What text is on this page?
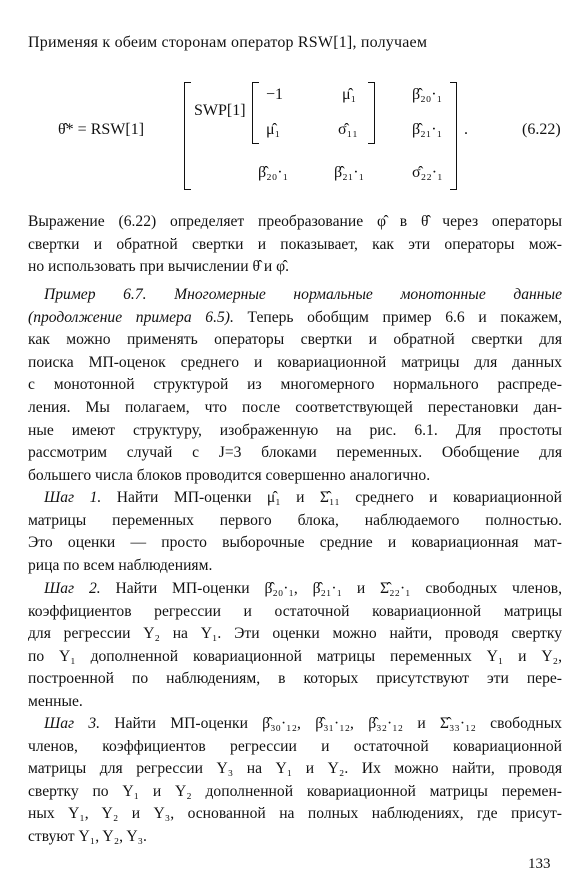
Применяя к обеим сторонам оператор RSW[1], получаем
θ̂* = RSW[1]
SWP[1]
−1	μ̂₁	β̂₂₀·₁
μ̂₁	σ̂₁₁	β̂₂₁·₁
β̂₂₀·₁	β̂₂₁·₁	σ̂₂₂·₁
.	(6.22)
Выражение (6.22) определяет преобразование φ̂ в θ̂ через операторы
свертки и обратной свертки и показывает, как эти операторы мож-
но использовать при вычислении θ̂ и φ̂.
Пример 6.7. Многомерные нормальные монотонные данные
(продолжение примера 6.5). Теперь обобщим пример 6.6 и покажем,
как можно применять операторы свертки и обратной свертки для
поиска МП-оценок среднего и ковариационной матрицы для данных
с монотонной структурой из многомерного нормального распреде-
ления. Мы полагаем, что после соответствующей перестановки дан-
ные имеют структуру, изображенную на рис. 6.1. Для простоты
рассмотрим случай с J=3 блоками переменных. Обобщение для
большего числа блоков проводится совершенно аналогично.
Шаг 1. Найти МП-оценки μ̂₁ и Σ̂₁₁ среднего и ковариационной
матрицы переменных первого блока, наблюдаемого полностью.
Это оценки — просто выборочные средние и ковариационная мат-
рица по всем наблюдениям.
Шаг 2. Найти МП-оценки β̂₂₀·₁, β̂₂₁·₁ и Σ̂₂₂·₁ свободных членов,
коэффициентов регрессии и остаточной ковариационной матрицы
для регрессии Y₂ на Y₁. Эти оценки можно найти, проводя свертку
по Y₁ дополненной ковариационной матрицы переменных Y₁ и Y₂,
построенной по наблюдениям, в которых присутствуют эти пере-
менные.
Шаг 3. Найти МП-оценки β̂₃₀·₁₂, β̂₃₁·₁₂, β̂₃₂·₁₂ и Σ̂₃₃·₁₂ свободных
членов, коэффициентов регрессии и остаточной ковариационной
матрицы для регрессии Y₃ на Y₁ и Y₂. Их можно найти, проводя
свертку по Y₁ и Y₂ дополненной ковариационной матрицы перемен-
ных Y₁, Y₂ и Y₃, основанной на полных наблюдениях, где присут-
ствуют Y₁, Y₂, Y₃.
133
